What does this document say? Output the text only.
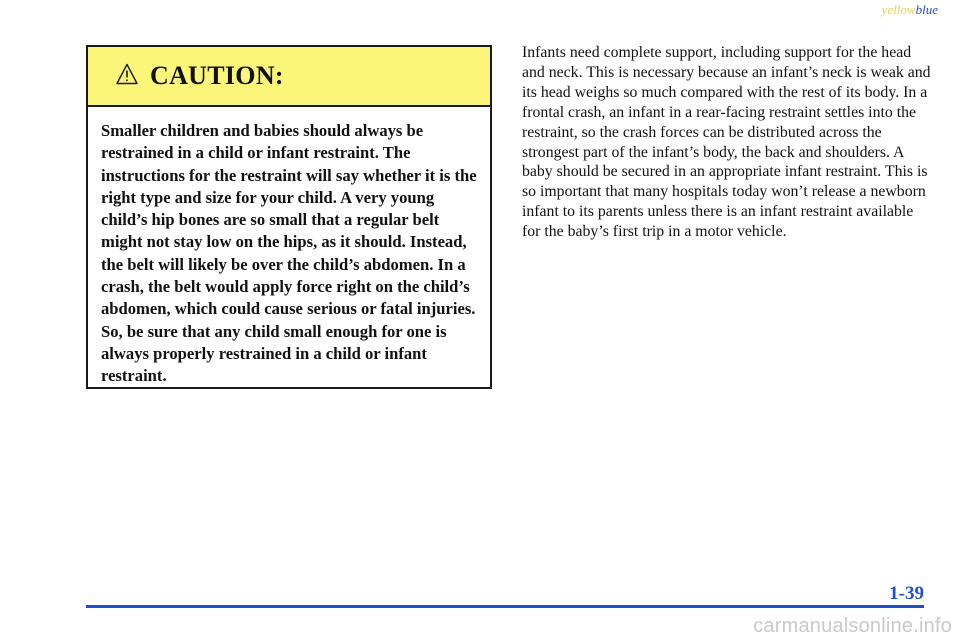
yellowblue
CAUTION:

Smaller children and babies should always be restrained in a child or infant restraint. The instructions for the restraint will say whether it is the right type and size for your child. A very young child’s hip bones are so small that a regular belt might not stay low on the hips, as it should. Instead, the belt will likely be over the child’s abdomen. In a crash, the belt would apply force right on the child’s abdomen, which could cause serious or fatal injuries. So, be sure that any child small enough for one is always properly restrained in a child or infant restraint.

Infants need complete support, including support for the head and neck. This is necessary because an infant’s neck is weak and its head weighs so much compared with the rest of its body. In a frontal crash, an infant in a rear-facing restraint settles into the restraint, so the crash forces can be distributed across the strongest part of the infant’s body, the back and shoulders. A baby should be secured in an appropriate infant restraint. This is so important that many hospitals today won’t release a newborn infant to its parents unless there is an infant restraint available for the baby’s first trip in a motor vehicle.

1-39
carmanualsonline.info
